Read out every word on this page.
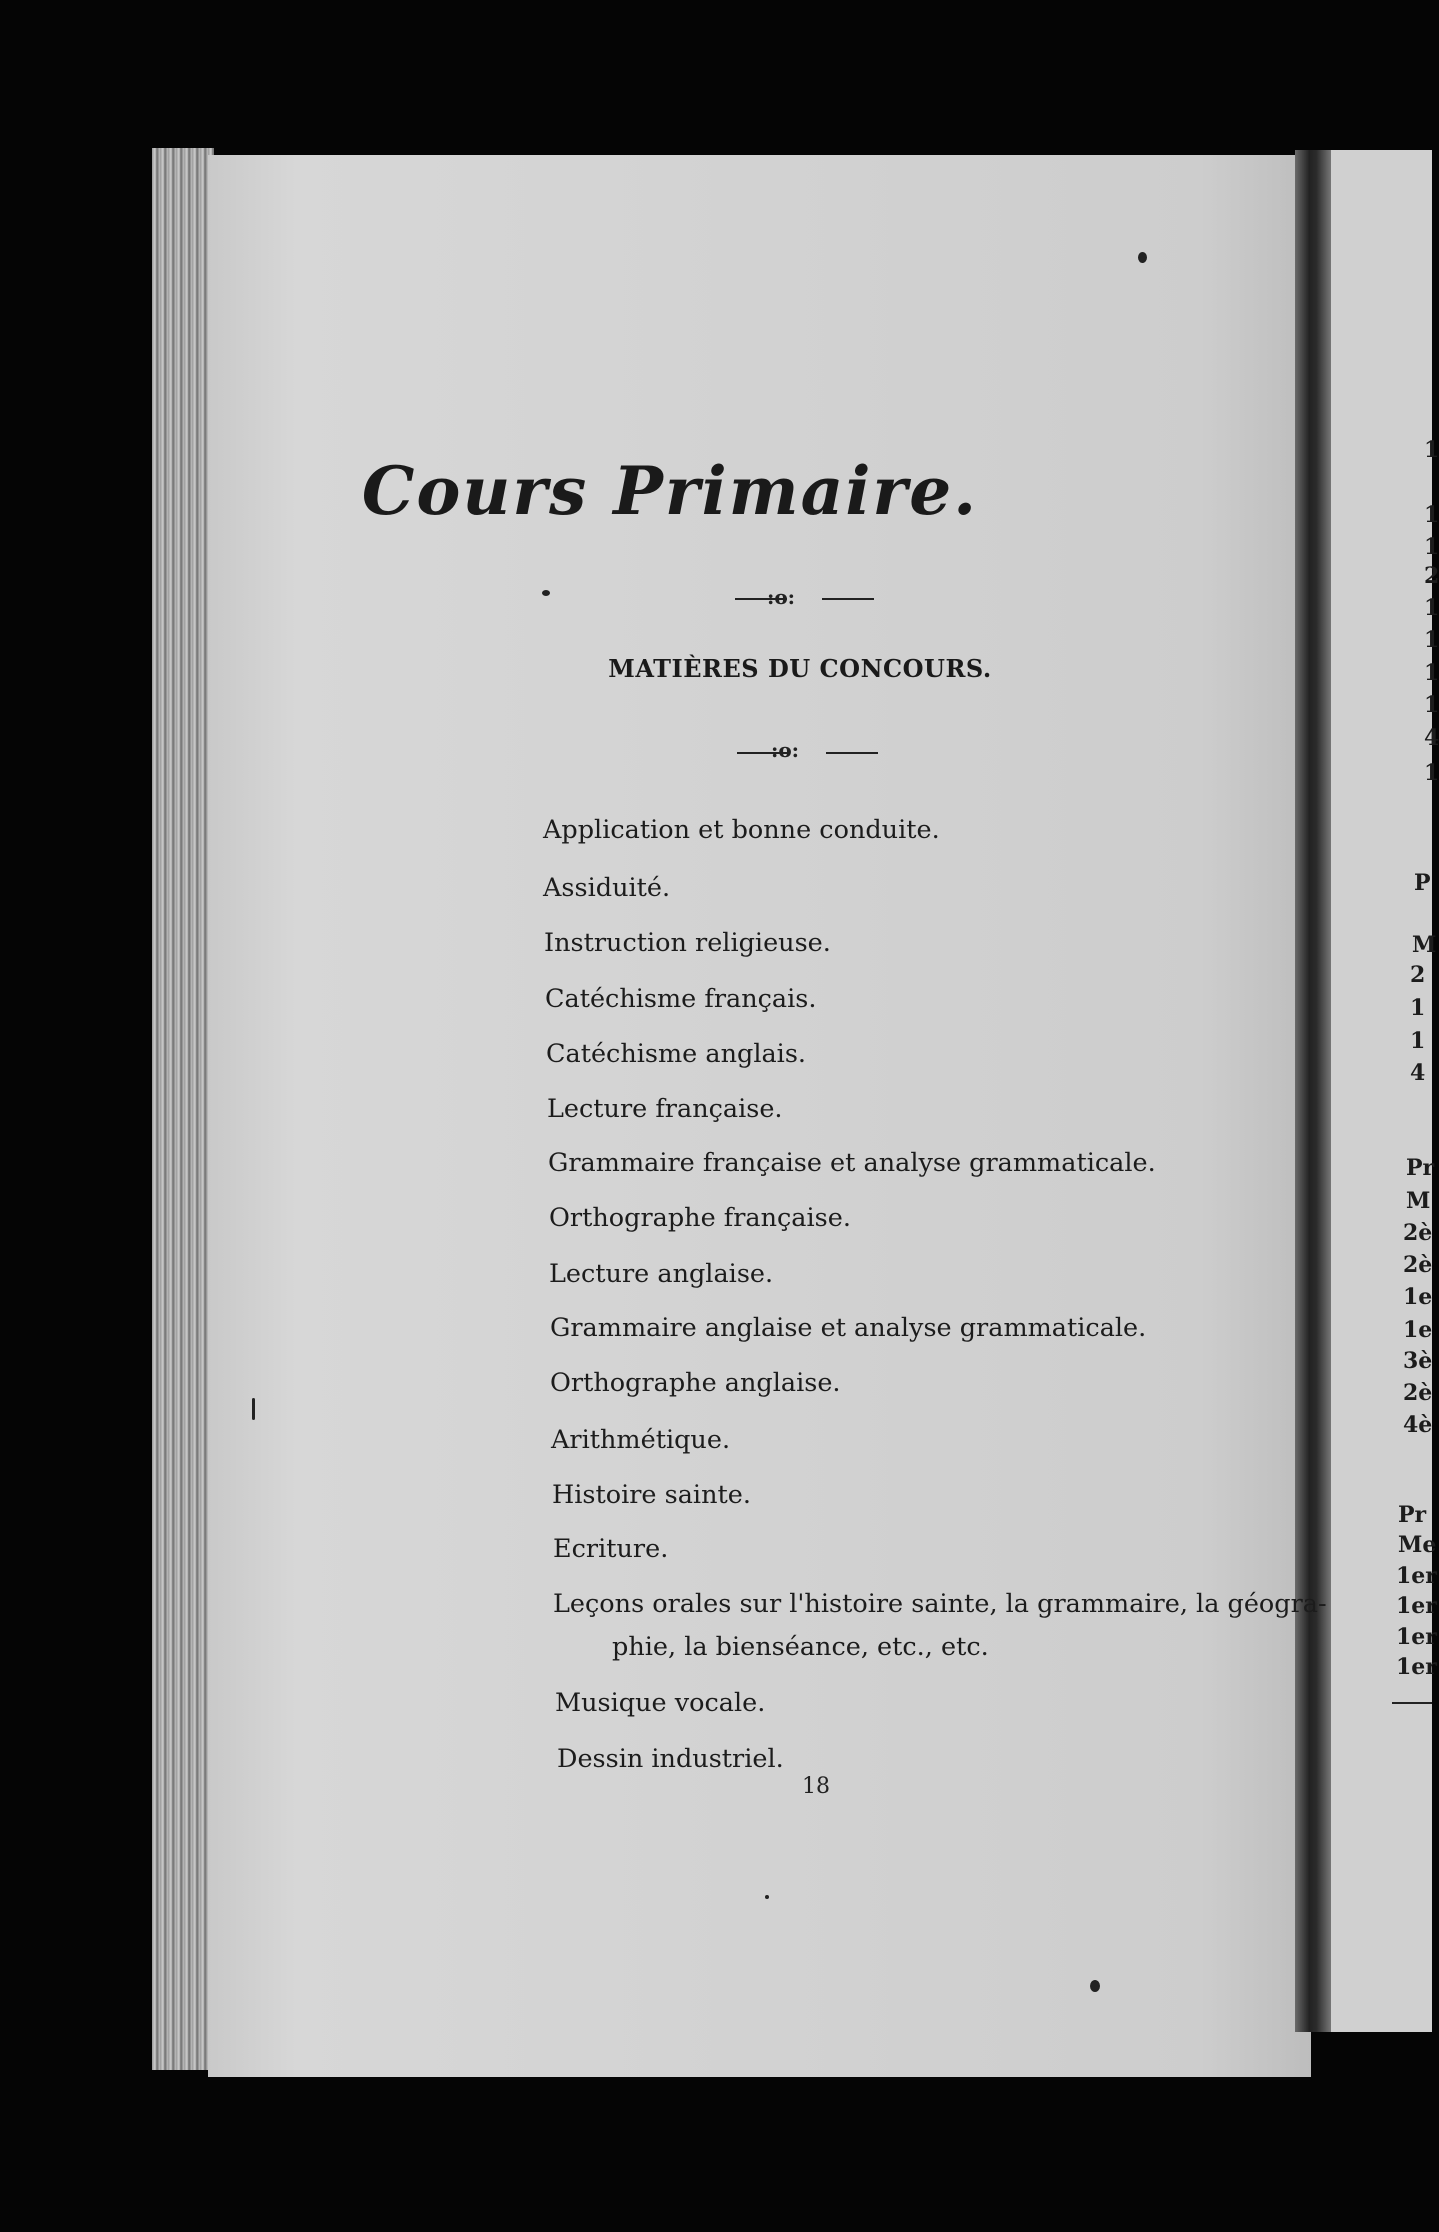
Cours Primaire.
:o:
MATIÈRES DU CONCOURS.
:o:
Application et bonne conduite.
Assiduité.
Instruction religieuse.
Catéchisme français.
Catéchisme anglais.
Lecture française.
Grammaire française et analyse grammaticale.
Orthographe française.
Lecture anglaise.
Grammaire anglaise et analyse grammaticale.
Orthographe anglaise.
Arithmétique.
Histoire sainte.
Ecriture.
Leçons orales sur l'histoire sainte, la grammaire, la géogra-
phie, la bienséance, etc., etc.
Musique vocale.
Dessin industriel.
18
1
1
1
2
1
1
1
1
4
1
P
M
2
1
1
4
Pr
M
2è
2è
1e
1e
3è
2è
4è
Pr
Me
1er
1er
1er
1er
